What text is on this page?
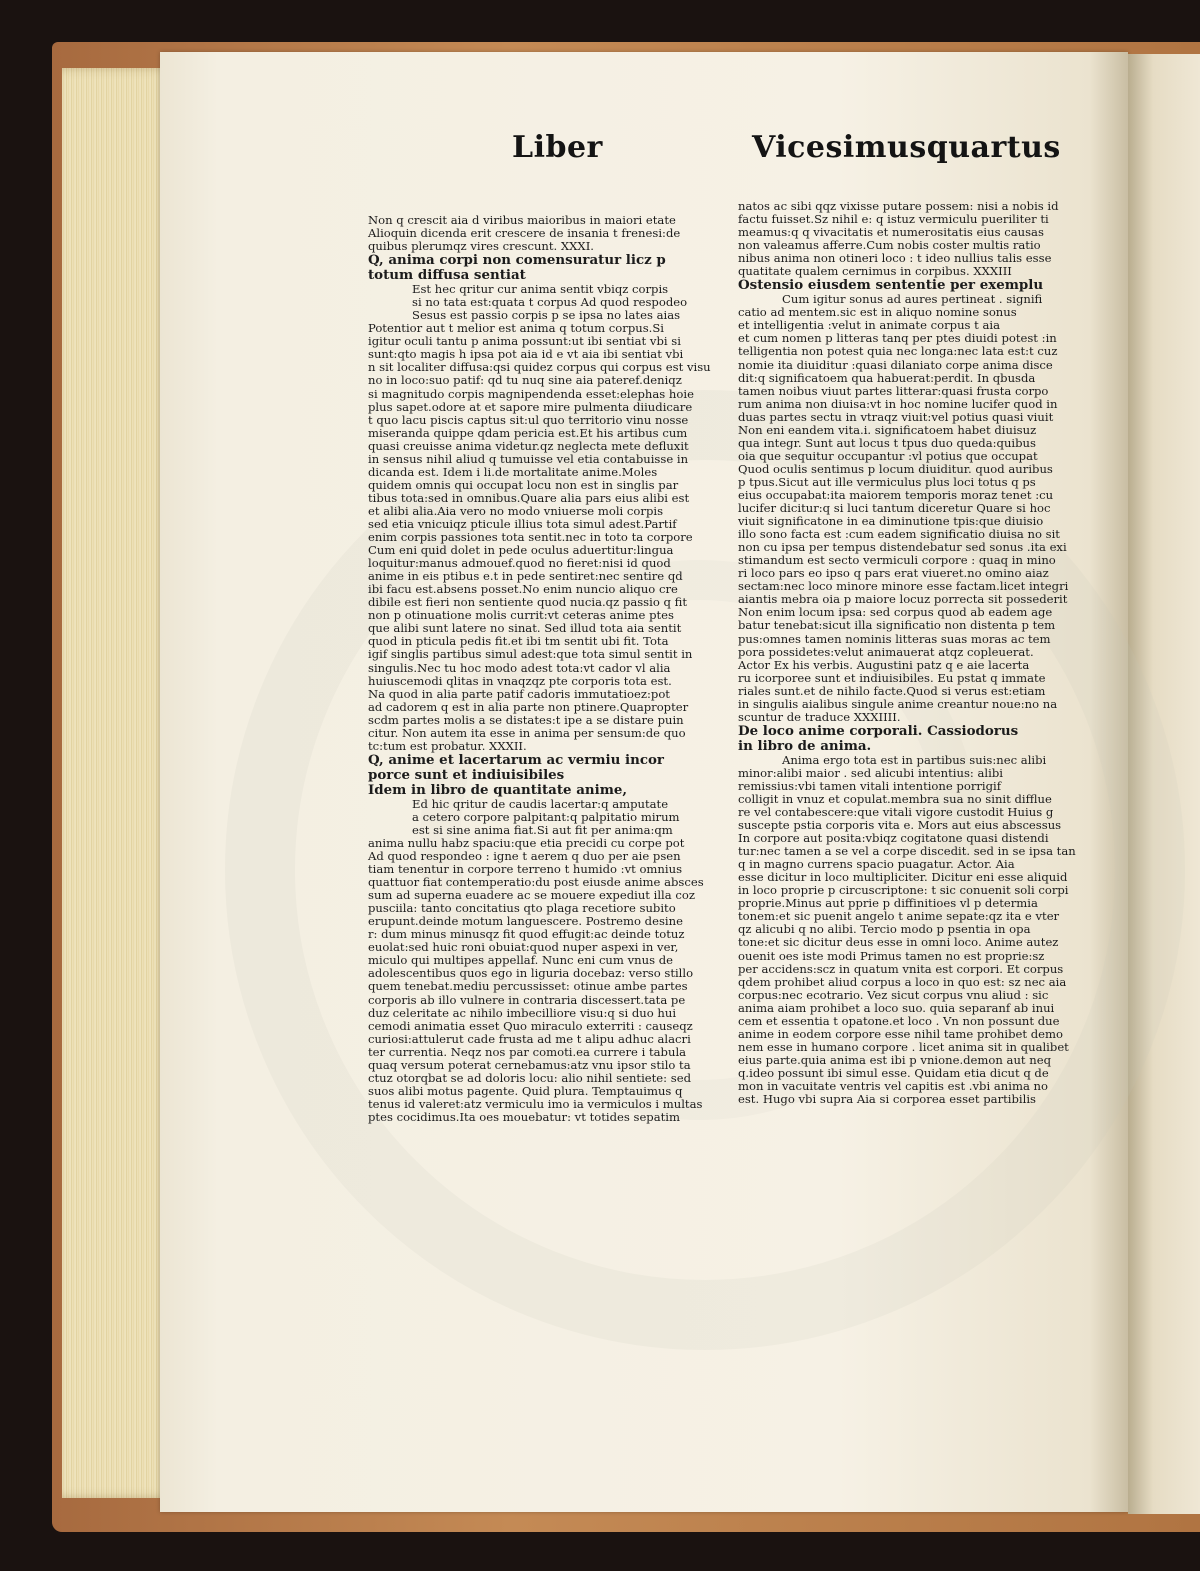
Liber	Vicesimusquartus
Non q crescit aia d viribus maioribus in maiori etate
Alioquin dicenda erit crescere de insania t frenesi:de
quibus plerumqz vires crescunt. XXXI.
Q, anima corpi non comensuratur licz p
totum diffusa sentiat
Est hec qritur cur anima sentit vbiqz corpis
si no tata est:quata t corpus Ad quod respodeo
Sesus est passio corpis p se ipsa no lates aias
Potentior aut t melior est anima q totum corpus.Si
igitur oculi tantu p anima possunt:ut ibi sentiat vbi si
sunt:qto magis h ipsa pot aia id e vt aia ibi sentiat vbi
n sit localiter diffusa:qsi quidez corpus qui corpus est visu
no in loco:suo patif: qd tu nuq sine aia pateref.deniqz
si magnitudo corpis magnipendenda esset:elephas hoie
plus sapet.odore at et sapore mire pulmenta diiudicare
t quo lacu piscis captus sit:ul quo territorio vinu nosse
miseranda quippe qdam pericia est.Et his artibus cum
quasi creuisse anima videtur.qz neglecta mete defluxit
in sensus nihil aliud q tumuisse vel etia contabuisse in
dicanda est. Idem i li.de mortalitate anime.Moles
quidem omnis qui occupat locu non est in singlis par
tibus tota:sed in omnibus.Quare alia pars eius alibi est
et alibi alia.Aia vero no modo vniuerse moli corpis
sed etia vnicuiqz pticule illius tota simul adest.Partif
enim corpis passiones tota sentit.nec in toto ta corpore
Cum eni quid dolet in pede oculus aduertitur:lingua
loquitur:manus admouef.quod no fieret:nisi id quod
anime in eis ptibus e.t in pede sentiret:nec sentire qd
ibi facu est.absens posset.No enim nuncio aliquo cre
dibile est fieri non sentiente quod nucia.qz passio q fit
non p otinuatione molis currit:vt ceteras anime ptes
que alibi sunt latere no sinat. Sed illud tota aia sentit
quod in pticula pedis fit.et ibi tm sentit ubi fit. Tota
igif singlis partibus simul adest:que tota simul sentit in
singulis.Nec tu hoc modo adest tota:vt cador vl alia
huiuscemodi qlitas in vnaqzqz pte corporis tota est.
Na quod in alia parte patif cadoris immutatioez:pot
ad cadorem q est in alia parte non ptinere.Quapropter
scdm partes molis a se distates:t ipe a se distare puin
citur. Non autem ita esse in anima per sensum:de quo
tc:tum est probatur. XXXII.
Q, anime et lacertarum ac vermiu incor
porce sunt et indiuisibiles
Idem in libro de quantitate anime,
Ed hic qritur de caudis lacertar:q amputate
a cetero corpore palpitant:q palpitatio mirum
est si sine anima fiat.Si aut fit per anima:qm
anima nullu habz spaciu:que etia precidi cu corpe pot
Ad quod respondeo : igne t aerem q duo per aie psen
tiam tenentur in corpore terreno t humido :vt omnius
quattuor fiat contemperatio:du post eiusde anime absces
sum ad superna euadere ac se mouere expediut illa coz
pusciila: tanto concitatius qto plaga recetiore subito
erupunt.deinde motum languescere. Postremo desine
r: dum minus minusqz fit quod effugit:ac deinde totuz
euolat:sed huic roni obuiat:quod nuper aspexi in ver,
miculo qui multipes appellaf. Nunc eni cum vnus de
adolescentibus quos ego in liguria docebaz: verso stillo
quem tenebat.mediu percussisset: otinue ambe partes
corporis ab illo vulnere in contraria discessert.tata pe
duz celeritate ac nihilo imbecilliore visu:q si duo hui
cemodi animatia esset Quo miraculo exterriti : causeqz
curiosi:attulerut cade frusta ad me t alipu adhuc alacri
ter currentia. Neqz nos par comoti.ea currere i tabula
quaq versum poterat cernebamus:atz vnu ipsor stilo ta
ctuz otorqbat se ad doloris locu: alio nihil sentiete: sed
suos alibi motus pagente. Quid plura. Temptauimus q
tenus id valeret:atz vermiculu imo ia vermiculos i multas
ptes cocidimus.Ita oes mouebatur: vt totides sepatim
natos ac sibi qqz vixisse putare possem: nisi a nobis id
factu fuisset.Sz nihil e: q istuz vermiculu pueriliter ti
meamus:q q vivacitatis et numerositatis eius causas
non valeamus afferre.Cum nobis coster multis ratio
nibus anima non otineri loco : t ideo nullius talis esse
quatitate qualem cernimus in corpibus. XXXIII
Ostensio eiusdem sententie per exemplu
Cum igitur sonus ad aures pertineat . signifi
catio ad mentem.sic est in aliquo nomine sonus
et intelligentia :velut in animate corpus t aia
et cum nomen p litteras tanq per ptes diuidi potest :in
telligentia non potest quia nec longa:nec lata est:t cuz
nomie ita diuiditur :quasi dilaniato corpe anima disce
dit:q significatoem qua habuerat:perdit. In qbusda
tamen noibus viuut partes litterar:quasi frusta corpo
rum anima non diuisa:vt in hoc nomine lucifer quod in
duas partes sectu in vtraqz viuit:vel potius quasi viuit
Non eni eandem vita.i. significatoem habet diuisuz
qua integr. Sunt aut locus t tpus duo queda:quibus
oia que sequitur occupantur :vl potius que occupat
Quod oculis sentimus p locum diuiditur. quod auribus
p tpus.Sicut aut ille vermiculus plus loci totus q ps
eius occupabat:ita maiorem temporis moraz tenet :cu
lucifer dicitur:q si luci tantum diceretur Quare si hoc
viuit significatone in ea diminutione tpis:que diuisio
illo sono facta est :cum eadem significatio diuisa no sit
non cu ipsa per tempus distendebatur sed sonus .ita exi
stimandum est secto vermiculi corpore : quaq in mino
ri loco pars eo ipso q pars erat viueret.no omino aiaz
sectam:nec loco minore minore esse factam.licet integri
aiantis mebra oia p maiore locuz porrecta sit possederit
Non enim locum ipsa: sed corpus quod ab eadem age
batur tenebat:sicut illa significatio non distenta p tem
pus:omnes tamen nominis litteras suas moras ac tem
pora possidetes:velut animauerat atqz copleuerat.
Actor Ex his verbis. Augustini patz q e aie lacerta
ru icorporee sunt et indiuisibiles. Eu pstat q immate
riales sunt.et de nihilo facte.Quod si verus est:etiam
in singulis aialibus singule anime creantur noue:no na
scuntur de traduce XXXIIII.
De loco anime corporali. Cassiodorus
in libro de anima.
Anima ergo tota est in partibus suis:nec alibi
minor:alibi maior . sed alicubi intentius: alibi
remissius:vbi tamen vitali intentione porrigif
colligit in vnuz et copulat.membra sua no sinit difflue
re vel contabescere:que vitali vigore custodit Huius g
suscepte pstia corporis vita e. Mors aut eius abscessus
In corpore aut posita:vbiqz cogitatone quasi distendi
tur:nec tamen a se vel a corpe discedit. sed in se ipsa tan
q in magno currens spacio puagatur. Actor. Aia
esse dicitur in loco multipliciter. Dicitur eni esse aliquid
in loco proprie p circuscriptone: t sic conuenit soli corpi
proprie.Minus aut pprie p diffinitioes vl p determia
tonem:et sic puenit angelo t anime sepate:qz ita e vter
qz alicubi q no alibi. Tercio modo p psentia in opa
tone:et sic dicitur deus esse in omni loco. Anime autez
ouenit oes iste modi Primus tamen no est proprie:sz
per accidens:scz in quatum vnita est corpori. Et corpus
qdem prohibet aliud corpus a loco in quo est: sz nec aia
corpus:nec ecotrario. Vez sicut corpus vnu aliud : sic
anima aiam prohibet a loco suo. quia separanf ab inui
cem et essentia t opatone.et loco . Vn non possunt due
anime in eodem corpore esse nihil tame prohibet demo
nem esse in humano corpore . licet anima sit in qualibet
eius parte.quia anima est ibi p vnione.demon aut neq
q.ideo possunt ibi simul esse. Quidam etia dicut q de
mon in vacuitate ventris vel capitis est .vbi anima no
est. Hugo vbi supra Aia si corporea esset partibilis
